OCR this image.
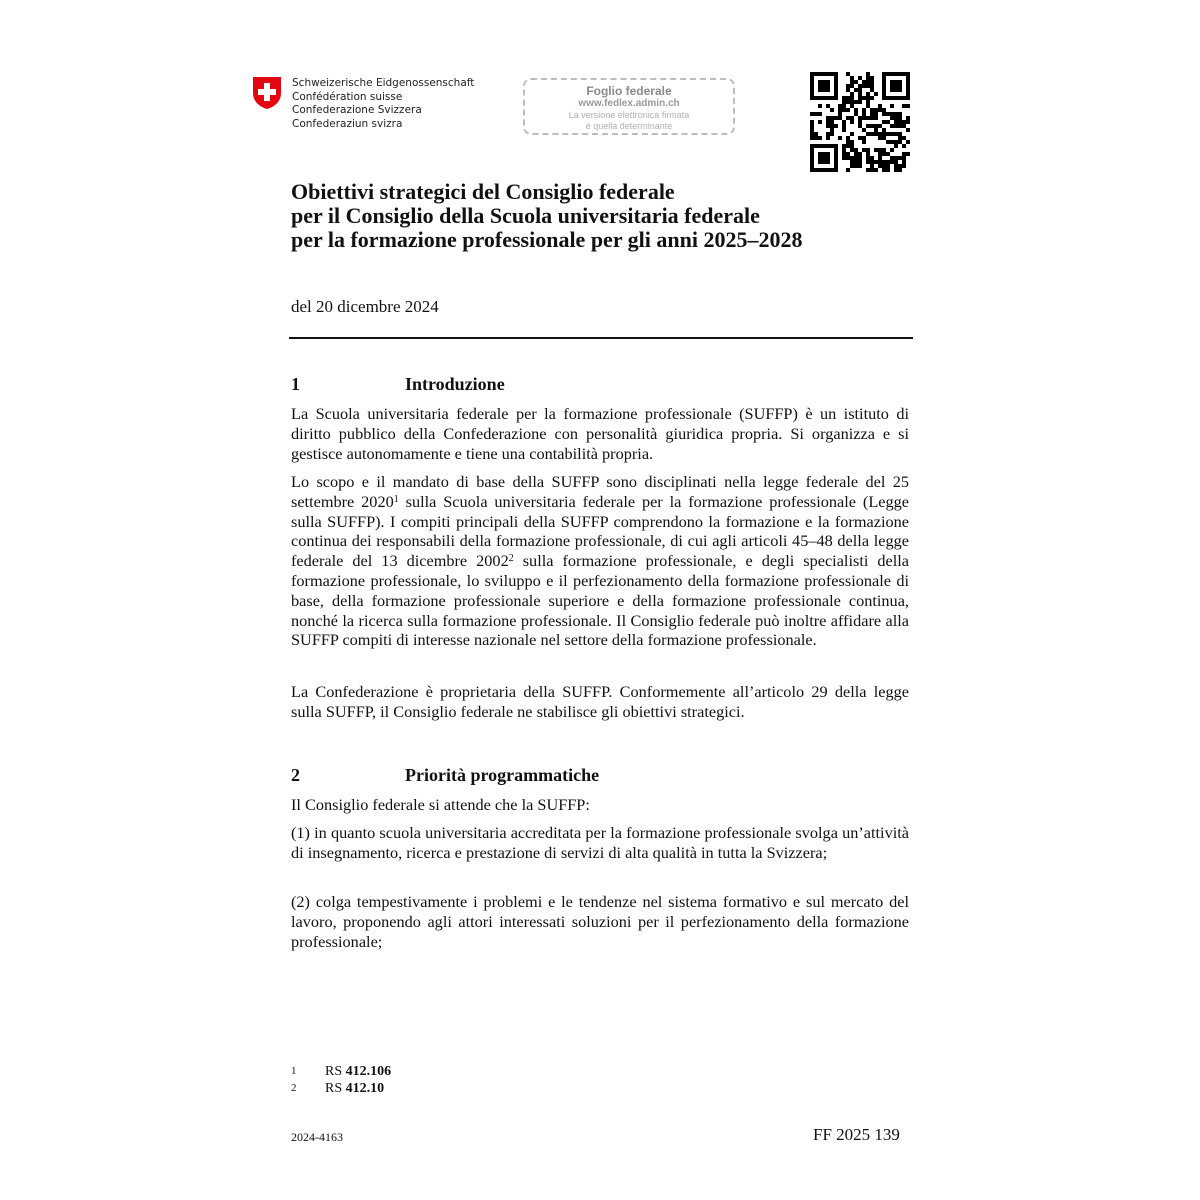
Schweizerische Eidgenossenschaft
Confédération suisse
Confederazione Svizzera
Confederaziun svizra
Foglio federale
www.fedlex.admin.ch
La versione elettronica firmata
è quella determinante
Obiettivi strategici del Consiglio federale
per il Consiglio della Scuola universitaria federale
per la formazione professionale per gli anni 2025–2028
del 20 dicembre 2024
1	Introduzione
La Scuola universitaria federale per la formazione professionale (SUFFP) è un istituto di diritto pubblico della Confederazione con personalità giuridica propria. Si organizza e si gestisce autonomamente e tiene una contabilità propria.
Lo scopo e il mandato di base della SUFFP sono disciplinati nella legge federale del 25 settembre 2020$^1$ sulla Scuola universitaria federale per la formazione professionale (Legge sulla SUFFP). I compiti principali della SUFFP comprendono la formazione e la formazione continua dei responsabili della formazione professionale, di cui agli articoli 45–48 della legge federale del 13 dicembre 2002$^2$ sulla formazione professionale, e degli specialisti della formazione professionale, lo sviluppo e il perfezionamento della formazione professionale di base, della formazione professionale superiore e della formazione professionale continua, nonché la ricerca sulla formazione professionale. Il Consiglio federale può inoltre affidare alla SUFFP compiti di interesse nazionale nel settore della formazione professionale.
La Confederazione è proprietaria della SUFFP. Conformemente all’articolo 29 della legge sulla SUFFP, il Consiglio federale ne stabilisce gli obiettivi strategici.
2	Priorità programmatiche
Il Consiglio federale si attende che la SUFFP:
(1) in quanto scuola universitaria accreditata per la formazione professionale svolga un’attività di insegnamento, ricerca e prestazione di servizi di alta qualità in tutta la Svizzera;
(2) colga tempestivamente i problemi e le tendenze nel sistema formativo e sul mercato del lavoro, proponendo agli attori interessati soluzioni per il perfezionamento della formazione professionale;
1 RS 412.106
2 RS 412.10
2024-4163	FF 2025 139
